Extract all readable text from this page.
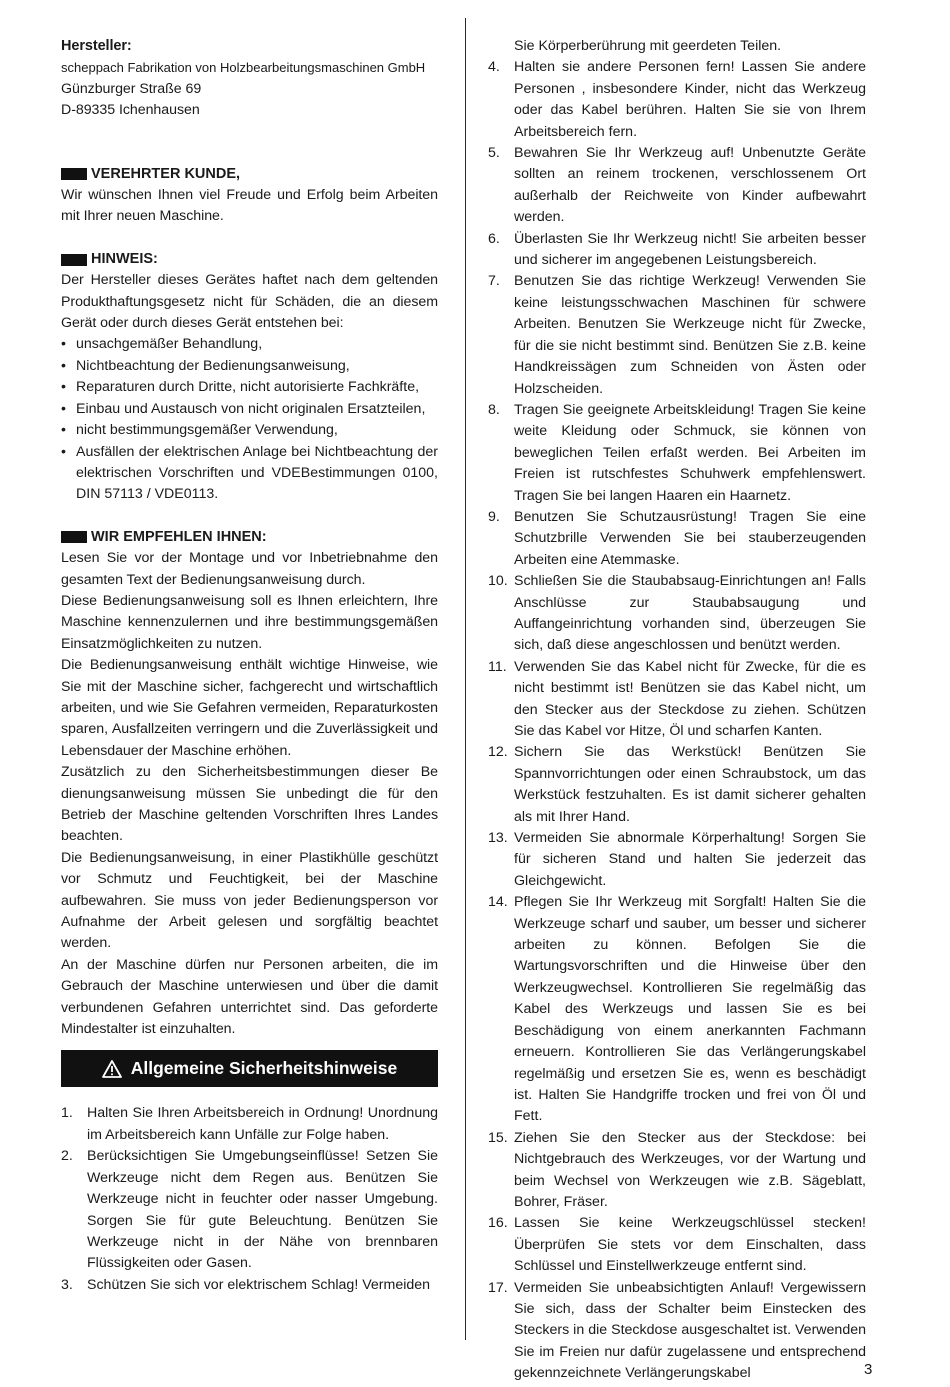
Hersteller:

scheppach Fabrikation von Holzbearbeitungsmaschinen GmbH

Günzburger Straße 69

D-89335 Ichenhausen

VEREHRTER KUNDE,

Wir wünschen Ihnen viel Freude und Erfolg beim Arbeiten mit Ihrer neuen Maschine.

HINWEIS:

Der Hersteller dieses Gerätes haftet nach dem geltenden Produkthaftungsgesetz nicht für Schäden, die an diesem Gerät oder durch dieses Gerät entstehen bei:

• unsachgemäßer Behandlung,
• Nichtbeachtung der Bedienungsanweisung,
• Reparaturen durch Dritte, nicht autorisierte Fachkräfte,
• Einbau und Austausch von nicht originalen Ersatzteilen,
• nicht bestimmungsgemäßer Verwendung,
• Ausfällen der elektrischen Anlage bei Nichtbeachtung der elektrischen Vorschriften und VDEBestimmungen 0100, DIN 57113 / VDE0113.
WIR EMPFEHLEN IHNEN:

Lesen Sie vor der Montage und vor Inbetriebnahme den gesamten Text der Bedienungsanweisung durch.

Diese Bedienungsanweisung soll es Ihnen erleichtern, Ihre Maschine kennenzulernen und ihre bestimmungsgemäßen Einsatzmöglichkeiten zu nutzen.

Die Bedienungsanweisung enthält wichtige Hinweise, wie Sie mit der Maschine sicher, fachgerecht und wirtschaftlich arbeiten, und wie Sie Gefahren vermeiden, Reparaturkosten sparen, Ausfallzeiten verringern und die Zuverlässigkeit und Lebensdauer der Maschine erhöhen.

Zusätzlich zu den Sicherheitsbestimmungen dieser Be dienungsanweisung müssen Sie unbedingt die für den Betrieb der Maschine geltenden Vorschriften Ihres Landes beachten.

Die Bedienungsanweisung, in einer Plastikhülle geschützt vor Schmutz und Feuchtigkeit, bei der Maschine aufbewahren. Sie muss von jeder Bedienungsperson vor Aufnahme der Arbeit gelesen und sorgfältig beachtet werden.

An der Maschine dürfen nur Personen arbeiten, die im Gebrauch der Maschine unterwiesen und über die damit verbundenen Gefahren unterrichtet sind. Das geforderte Mindestalter ist einzuhalten.

Allgemeine Sicherheitshinweise
1. Halten Sie Ihren Arbeitsbereich in Ordnung! Unordnung im Arbeitsbereich kann Unfälle zur Folge haben.
2. Berücksichtigen Sie Umgebungseinflüsse! Setzen Sie Werkzeuge nicht dem Regen aus. Benützen Sie Werkzeuge nicht in feuchter oder nasser Umgebung. Sorgen Sie für gute Beleuchtung. Benützen Sie Werkzeuge nicht in der Nähe von brennbaren Flüssigkeiten oder Gasen.
3. Schützen Sie sich vor elektrischem Schlag! Vermeiden

Sie Körperberührung mit geerdeten Teilen.

4. Halten sie andere Personen fern! Lassen Sie andere Personen , insbesondere Kinder, nicht das Werkzeug oder das Kabel berühren. Halten Sie sie von Ihrem Arbeitsbereich fern.
5. Bewahren Sie Ihr Werkzeug auf! Unbenutzte Geräte sollten an reinem trockenen, verschlossenem Ort außerhalb der Reichweite von Kinder aufbewahrt werden.
6. Überlasten Sie Ihr Werkzeug nicht! Sie arbeiten besser und sicherer im angegebenen Leistungsbereich.
7. Benutzen Sie das richtige Werkzeug! Verwenden Sie keine leistungsschwachen Maschinen für schwere Arbeiten. Benutzen Sie Werkzeuge nicht für Zwecke, für die sie nicht bestimmt sind. Benützen Sie z.B. keine Handkreissägen zum Schneiden von Ästen oder Holzscheiden.
8. Tragen Sie geeignete Arbeitskleidung! Tragen Sie keine weite Kleidung oder Schmuck, sie können von beweglichen Teilen erfaßt werden. Bei Arbeiten im Freien ist rutschfestes Schuhwerk empfehlenswert. Tragen Sie bei langen Haaren ein Haarnetz.
9. Benutzen Sie Schutzausrüstung! Tragen Sie eine Schutzbrille Verwenden Sie bei stauberzeugenden Arbeiten eine Atemmaske.
10. Schließen Sie die Staubabsaug-Einrichtungen an! Falls Anschlüsse zur Staubabsaugung und Auffangeinrichtung vorhanden sind, überzeugen Sie sich, daß diese angeschlossen und benützt werden.
11. Verwenden Sie das Kabel nicht für Zwecke, für die es nicht bestimmt ist! Benützen sie das Kabel nicht, um den Stecker aus der Steckdose zu ziehen. Schützen Sie das Kabel vor Hitze, Öl und scharfen Kanten.
12. Sichern Sie das Werkstück! Benützen Sie Spannvorrichtungen oder einen Schraubstock, um das Werkstück festzuhalten. Es ist damit sicherer gehalten als mit Ihrer Hand.
13. Vermeiden Sie abnormale Körperhaltung! Sorgen Sie für sicheren Stand und halten Sie jederzeit das Gleichgewicht.
14. Pflegen Sie Ihr Werkzeug mit Sorgfalt! Halten Sie die Werkzeuge scharf und sauber, um besser und sicherer arbeiten zu können. Befolgen Sie die Wartungsvorschriften und die Hinweise über den Werkzeugwechsel. Kontrollieren Sie regelmäßig das Kabel des Werkzeugs und lassen Sie es bei Beschädigung von einem anerkannten Fachmann erneuern. Kontrollieren Sie das Verlängerungskabel regelmäßig und ersetzen Sie es, wenn es beschädigt ist. Halten Sie Handgriffe trocken und frei von Öl und Fett.
15. Ziehen Sie den Stecker aus der Steckdose: bei Nichtgebrauch des Werkzeuges, vor der Wartung und beim Wechsel von Werkzeugen wie z.B. Sägeblatt, Bohrer, Fräser.
16. Lassen Sie keine Werkzeugschlüssel stecken! Überprüfen Sie stets vor dem Einschalten, dass Schlüssel und Einstellwerkzeuge entfernt sind.
17. Vermeiden Sie unbeabsichtigten Anlauf! Vergewissern Sie sich, dass der Schalter beim Einstecken des Steckers in die Steckdose ausgeschaltet ist. Verwenden Sie im Freien nur dafür zugelassene und entsprechend gekennzeichnete Verlängerungskabel	3
